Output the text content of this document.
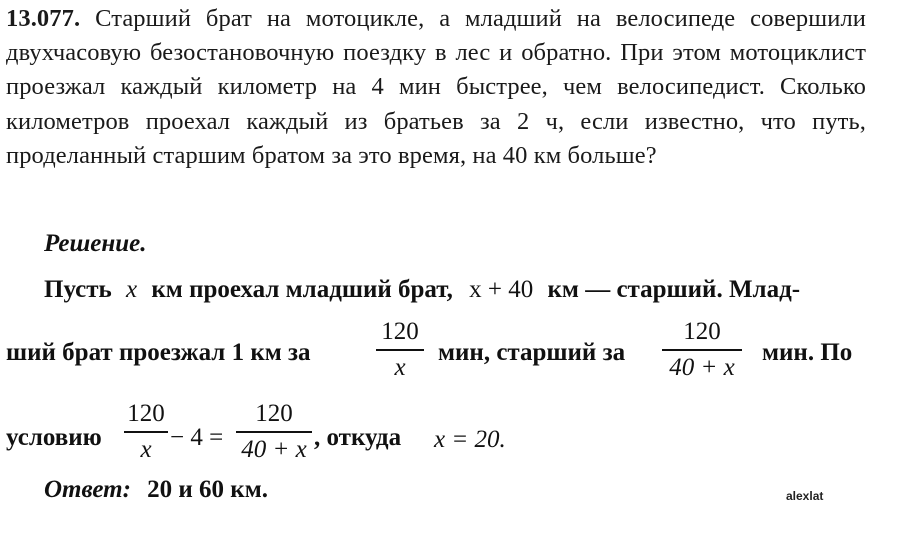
13.077. Старший брат на мотоцикле, а младший на велосипеде совершили двухчасовую безостановочную поездку в лес и обратно. При этом мотоциклист проезжал каждый километр на 4 мин быстрее, чем велосипедист. Сколько километров проехал каждый из братьев за 2 ч, если известно, что путь, проделанный старшим братом за это время, на 40 км больше?
Решение.
Пусть x км проехал младший брат, x + 40 км — старший. Млад-
ший брат проезжал 1 км за
120
x
мин, старший за
120
40 + x
мин. По
условию
120
x − 4 =
120
40 + x , откуда x = 20.
Ответ: 20 и 60 км.	alexlat
